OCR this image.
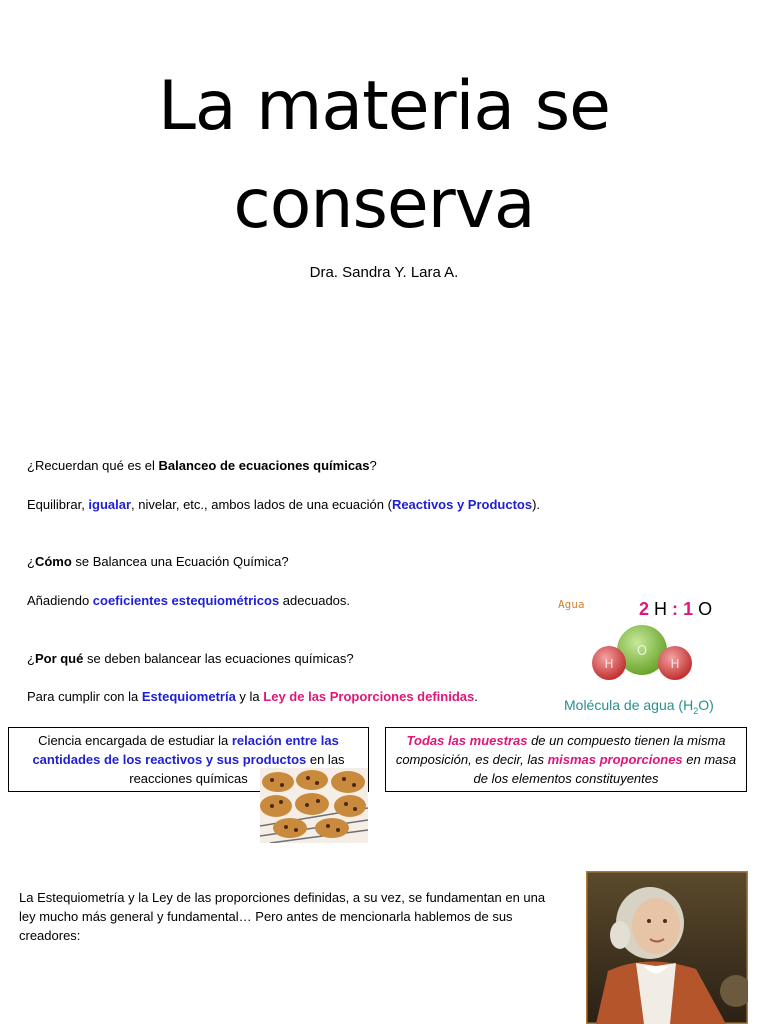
La materia se
conserva
Dra. Sandra Y. Lara A.
¿Recuerdan qué es el Balanceo de ecuaciones químicas?
Equilibrar, igualar, nivelar, etc., ambos lados de una ecuación (Reactivos y Productos).
¿Cómo se Balancea una Ecuación Química?
Añadiendo coeficientes estequiométricos adecuados.
¿Por qué se deben balancear las ecuaciones químicas?
Para cumplir con la Estequiometría y la Ley de las Proporciones definidas.
Agua	2 H : 1 O
O
H	H
Molécula de agua $(H_2O)$
Ciencia encargada de estudiar la relación entre las cantidades de los reactivos y sus productos en las reacciones químicas
Todas las muestras de un compuesto tienen la misma composición, es decir, las mismas proporciones en masa de los elementos constituyentes
La Estequiometría y la Ley de las proporciones definidas, a su vez, se fundamentan en una ley mucho más general y fundamental… Pero antes de mencionarla hablemos de sus creadores:
